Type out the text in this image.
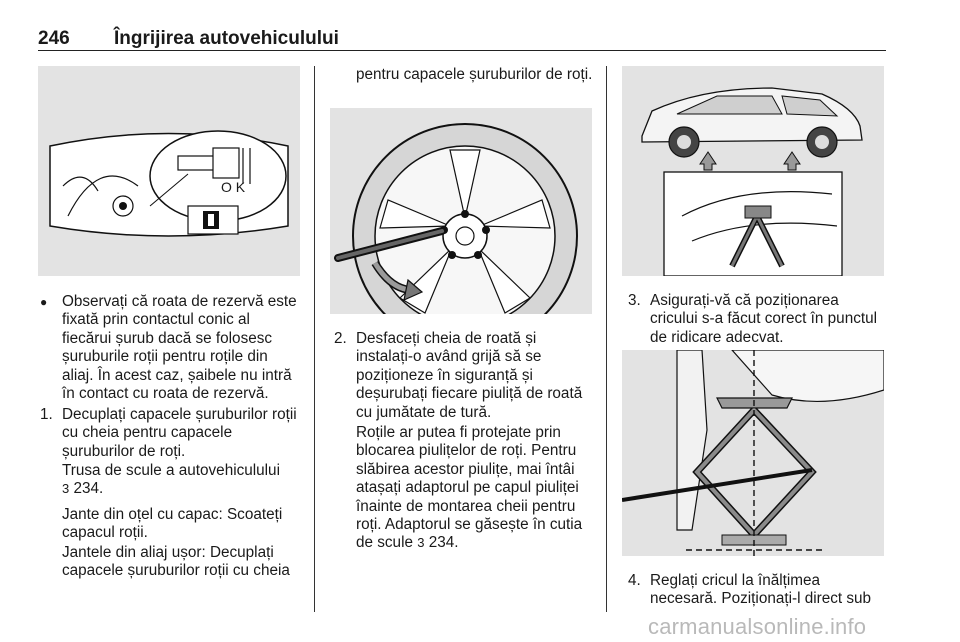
246 Îngrijirea autovehiculului
O K
● Observați că roata de rezervă este fixată prin contactul conic al fiecărui șurub dacă se folosesc șuruburile roții pentru roțile din aliaj. În acest caz, șaibele nu intră în contact cu roata de rezervă.

1. Decuplați capacele șuruburilor roții cu cheia pentru capacele șuruburilor de roți.

Trusa de scule a autovehiculului
3 234.

Jante din oțel cu capac: Scoateți capacul roții.

Jantele din aliaj ușor: Decuplați capacele șuruburilor roții cu cheia

pentru capacele șuruburilor de roți.

2. Desfaceți cheia de roată și instalați-o având grijă să se poziționeze în siguranță și deșurubați fiecare piuliță de roată cu jumătate de tură.

Roțile ar putea fi protejate prin blocarea piulițelor de roți. Pentru slăbirea acestor piulițe, mai întâi atașați adaptorul pe capul piuliței înainte de montarea cheii pentru roți. Adaptorul se găsește în cutia de scule 3 234.

3. Asigurați-vă că poziționarea cricului s-a făcut corect în punctul de ridicare adecvat.

4. Reglați cricul la înălțimea necesară. Poziționați-l direct sub

carmanualsonline.info
